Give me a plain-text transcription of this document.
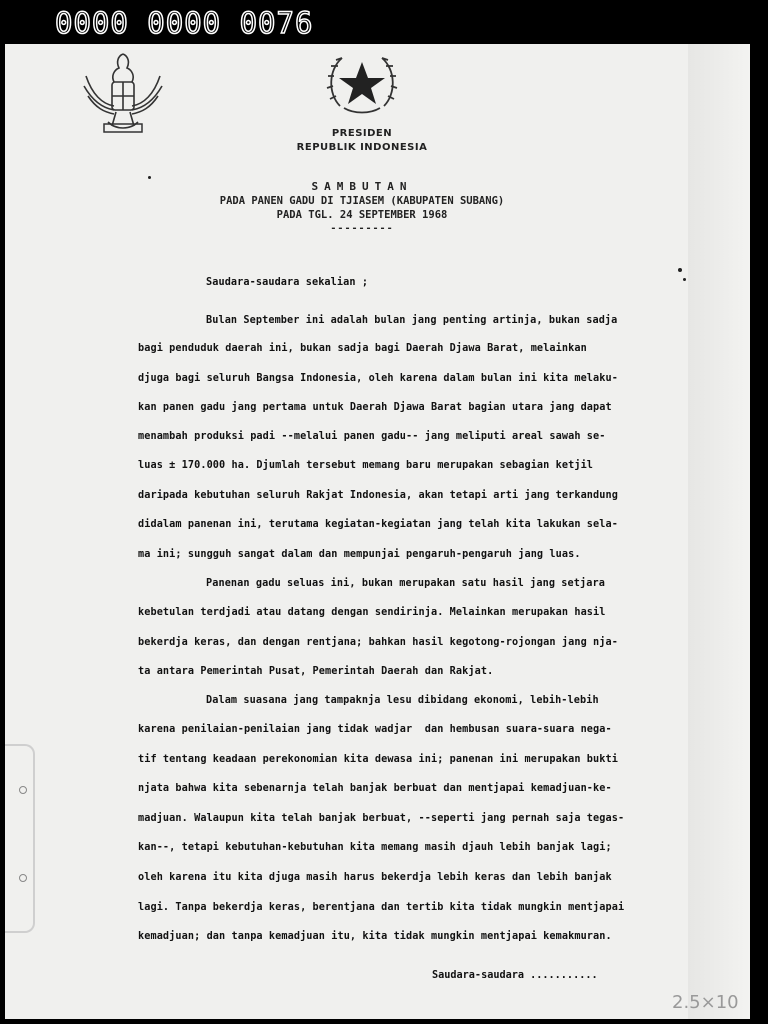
0000 0000 0076
PRESIDEN
REPUBLIK INDONESIA
SAMBUTAN
PADA PANEN GADU DI TJIASEM (KABUPATEN SUBANG)
PADA TGL. 24 SEPTEMBER 1968
---------
Saudara-saudara sekalian ;
Bulan September ini adalah bulan jang penting artinja, bukan sadja
bagi penduduk daerah ini, bukan sadja bagi Daerah Djawa Barat, melainkan
djuga bagi seluruh Bangsa Indonesia, oleh karena dalam bulan ini kita melaku-
kan panen gadu jang pertama untuk Daerah Djawa Barat bagian utara jang dapat
menambah produksi padi --melalui panen gadu-- jang meliputi areal sawah se-
luas ± 170.000 ha. Djumlah tersebut memang baru merupakan sebagian ketjil
daripada kebutuhan seluruh Rakjat Indonesia, akan tetapi arti jang terkandung
didalam panenan ini, terutama kegiatan-kegiatan jang telah kita lakukan sela-
ma ini; sungguh sangat dalam dan mempunjai pengaruh-pengaruh jang luas.
Panenan gadu seluas ini, bukan merupakan satu hasil jang setjara
kebetulan terdjadi atau datang dengan sendirinja. Melainkan merupakan hasil
bekerdja keras, dan dengan rentjana; bahkan hasil kegotong-rojongan jang nja-
ta antara Pemerintah Pusat, Pemerintah Daerah dan Rakjat.
Dalam suasana jang tampaknja lesu dibidang ekonomi, lebih-lebih
karena penilaian-penilaian jang tidak wadjar  dan hembusan suara-suara nega-
tif tentang keadaan perekonomian kita dewasa ini; panenan ini merupakan bukti
njata bahwa kita sebenarnja telah banjak berbuat dan mentjapai kemadjuan-ke-
madjuan. Walaupun kita telah banjak berbuat, --seperti jang pernah saja tegas-
kan--, tetapi kebutuhan-kebutuhan kita memang masih djauh lebih banjak lagi;
oleh karena itu kita djuga masih harus bekerdja lebih keras dan lebih banjak
lagi. Tanpa bekerdja keras, berentjana dan tertib kita tidak mungkin mentjapai
kemadjuan; dan tanpa kemadjuan itu, kita tidak mungkin mentjapai kemakmuran.
Saudara-saudara ...........
2.5×10
